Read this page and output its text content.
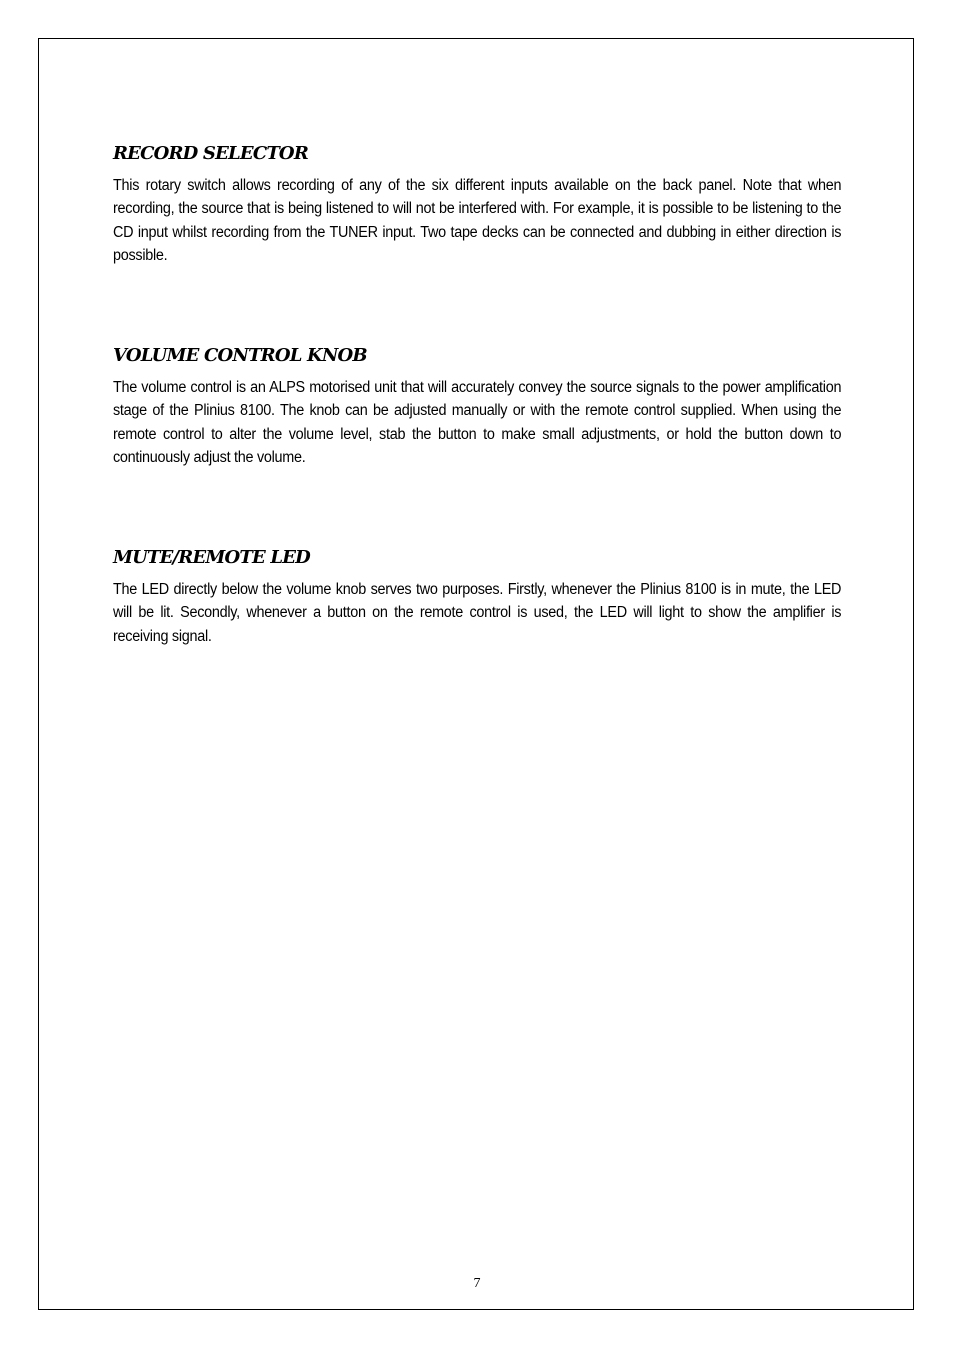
RECORD SELECTOR

This rotary switch allows recording of any of the six different inputs available on the back panel. Note that when recording, the source that is being listened to will not be interfered with. For example, it is possible to be listening to the CD input whilst recording from the TUNER input. Two tape decks can be connected and dubbing in either direction is possible.

VOLUME CONTROL KNOB

The volume control is an ALPS motorised unit that will accurately convey the source signals to the power amplification stage of the Plinius 8100. The knob can be adjusted manually or with the remote control supplied. When using the remote control to alter the volume level, stab the button to make small adjustments, or hold the button down to continuously adjust the volume.

MUTE/REMOTE LED

The LED directly below the volume knob serves two purposes. Firstly, whenever the Plinius 8100 is in mute, the LED will be lit. Secondly, whenever a button on the remote control is used, the LED will light to show the amplifier is receiving signal.

7
